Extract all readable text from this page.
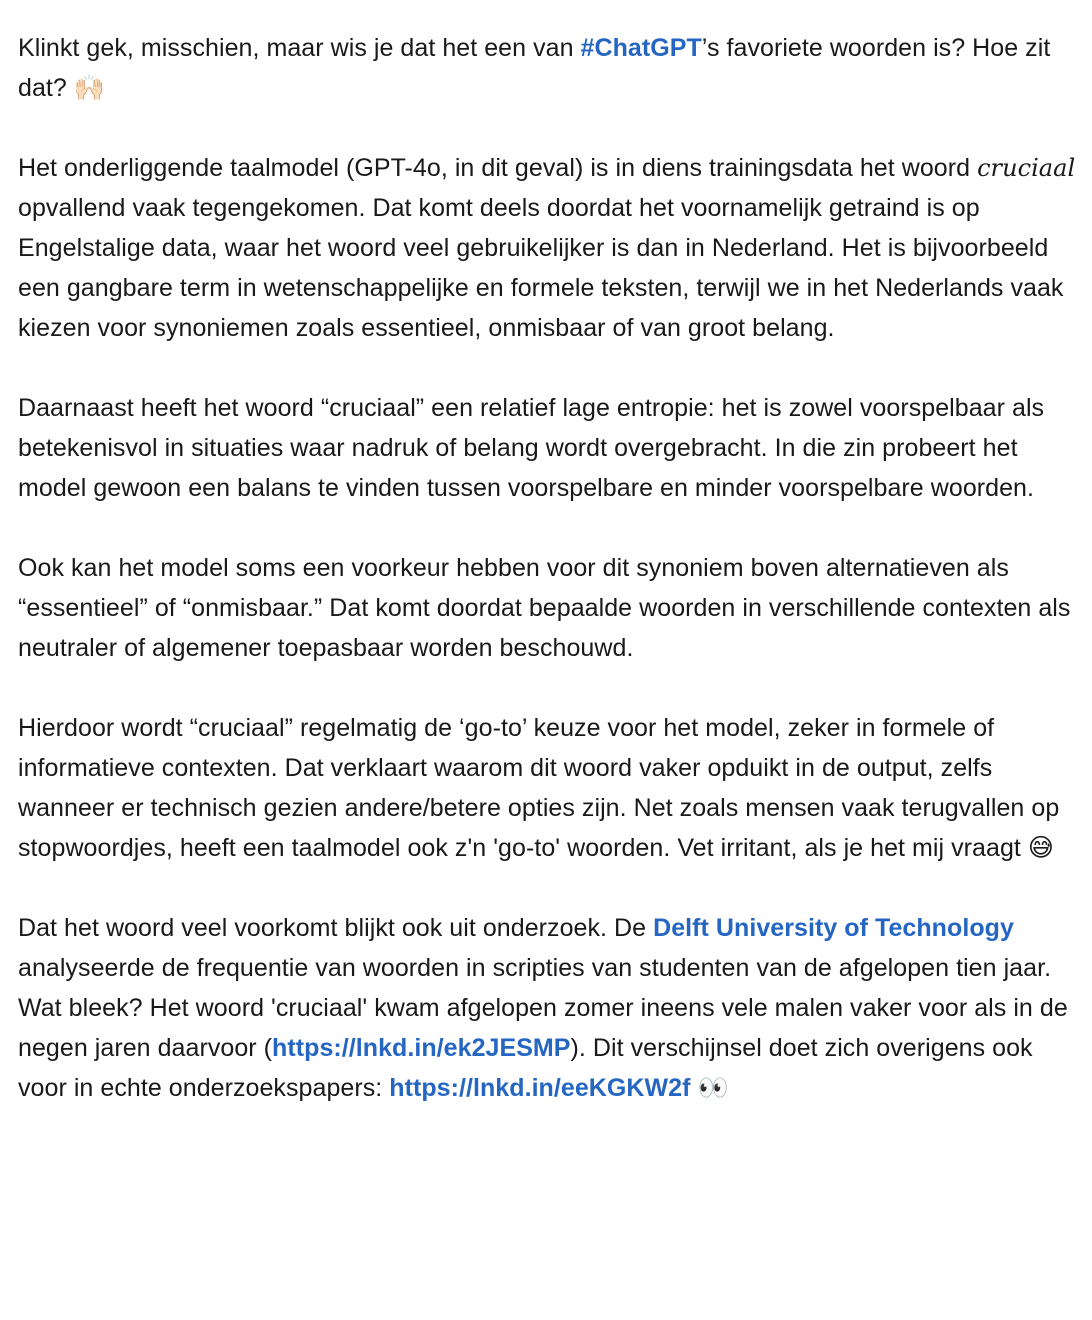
Klinkt gek, misschien, maar wis je dat het een van #ChatGPT’s favoriete woorden is? Hoe zit dat? 🙌🏻

Het onderliggende taalmodel (GPT-4o, in dit geval) is in diens trainingsdata het woord cruciaal opvallend vaak tegengekomen. Dat komt deels doordat het voornamelijk getraind is op Engelstalige data, waar het woord veel gebruikelijker is dan in Nederland. Het is bijvoorbeeld een gangbare term in wetenschappelijke en formele teksten, terwijl we in het Nederlands vaak kiezen voor synoniemen zoals essentieel, onmisbaar of van groot belang.

Daarnaast heeft het woord “cruciaal” een relatief lage entropie: het is zowel voorspelbaar als betekenisvol in situaties waar nadruk of belang wordt overgebracht. In die zin probeert het model gewoon een balans te vinden tussen voorspelbare en minder voorspelbare woorden.

Ook kan het model soms een voorkeur hebben voor dit synoniem boven alternatieven als “essentieel” of “onmisbaar.” Dat komt doordat bepaalde woorden in verschillende contexten als neutraler of algemener toepasbaar worden beschouwd.

Hierdoor wordt “cruciaal” regelmatig de ‘go-to’ keuze voor het model, zeker in formele of informatieve contexten. Dat verklaart waarom dit woord vaker opduikt in de output, zelfs wanneer er technisch gezien andere/betere opties zijn. Net zoals mensen vaak terugvallen op stopwoordjes, heeft een taalmodel ook z'n 'go-to' woorden. Vet irritant, als je het mij vraagt 😅

Dat het woord veel voorkomt blijkt ook uit onderzoek. De Delft University of Technology analyseerde de frequentie van woorden in scripties van studenten van de afgelopen tien jaar. Wat bleek? Het woord 'cruciaal' kwam afgelopen zomer ineens vele malen vaker voor als in de negen jaren daarvoor (https://lnkd.in/ek2JESMP). Dit verschijnsel doet zich overigens ook voor in echte onderzoekspapers: https://lnkd.in/eeKGKW2f 👀
